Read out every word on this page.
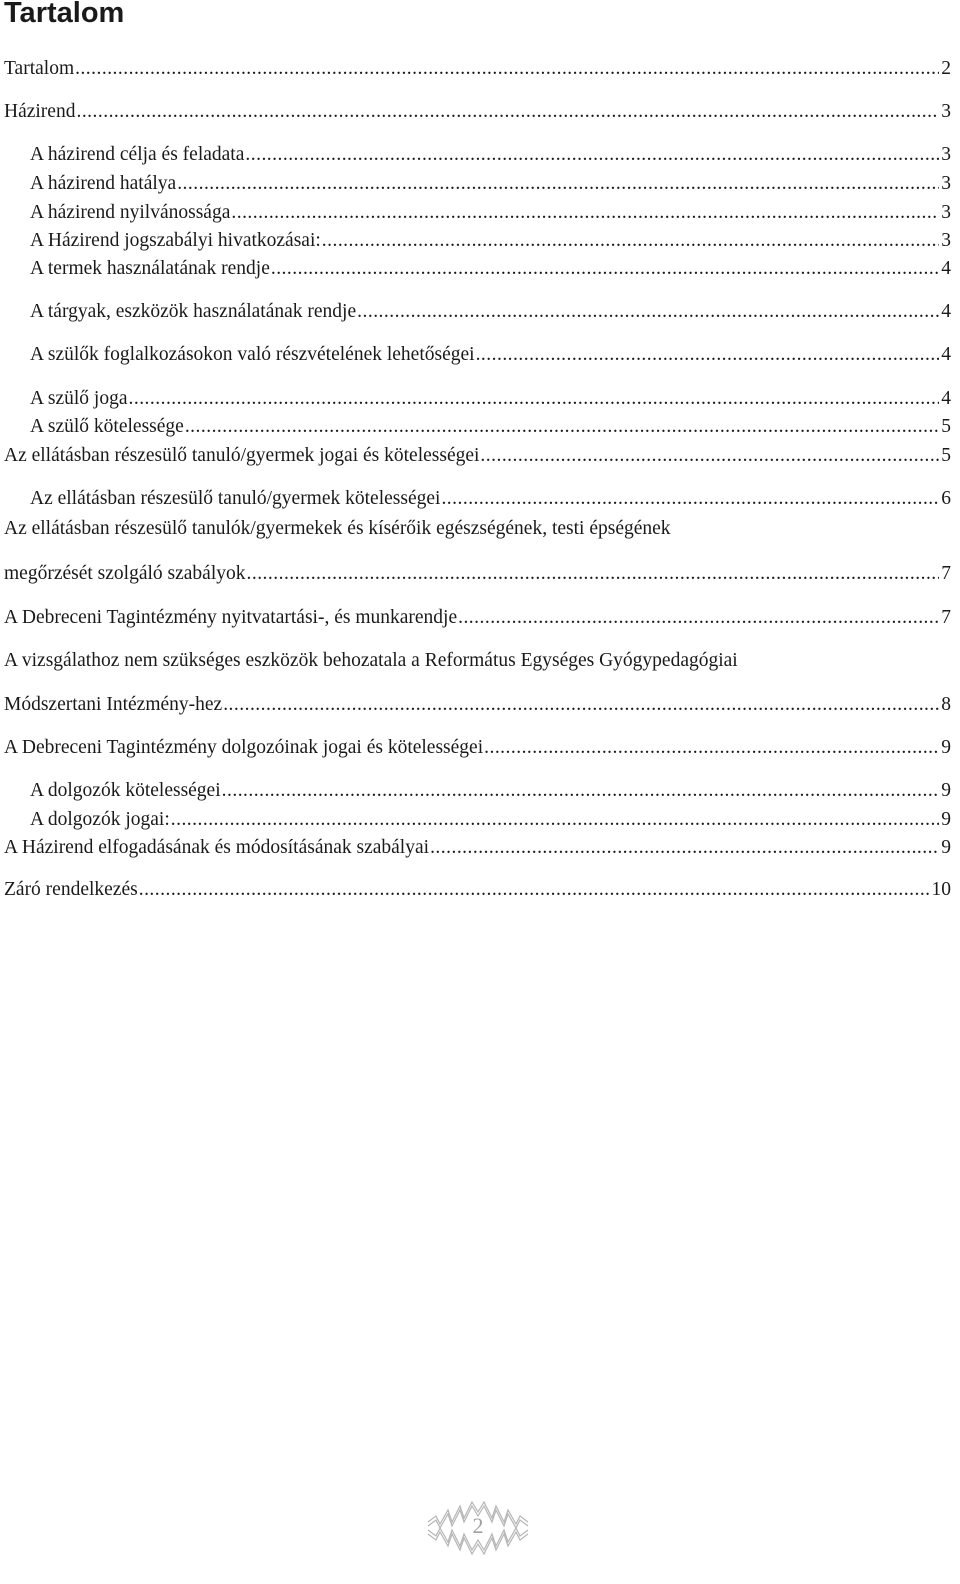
Tartalom
Tartalom . . .	2
Házirend . . .	3
A házirend célja és feladata . . .	3
A házirend hatálya . . .	3
A házirend nyilvánossága . . .	3
A Házirend jogszabályi hivatkozásai: . . .	3
A termek használatának rendje . . .	4
A tárgyak, eszközök használatának rendje . . .	4
A szülők foglalkozásokon való részvételének lehetőségei . . .	4
A szülő joga . . .	4
A szülő kötelessége . . .	5
Az ellátásban részesülő tanuló/gyermek jogai és kötelességei . . .	5
Az ellátásban részesülő tanuló/gyermek kötelességei . . .	6
Az ellátásban részesülő tanulók/gyermekek és kísérőik egészségének, testi épségének
megőrzését szolgáló szabályok . . .	7
A Debreceni Tagintézmény nyitvatartási-, és munkarendje . . .	7
A vizsgálathoz nem szükséges eszközök behozatala a Református Egységes Gyógypedagógiai
Módszertani Intézmény-hez . . .	8
A Debreceni Tagintézmény dolgozóinak jogai és kötelességei . . .	9
A dolgozók kötelességei . . .	9
A dolgozók jogai: . . .	9
A Házirend elfogadásának és módosításának szabályai . . .	9
Záró rendelkezés . . .	10
2
